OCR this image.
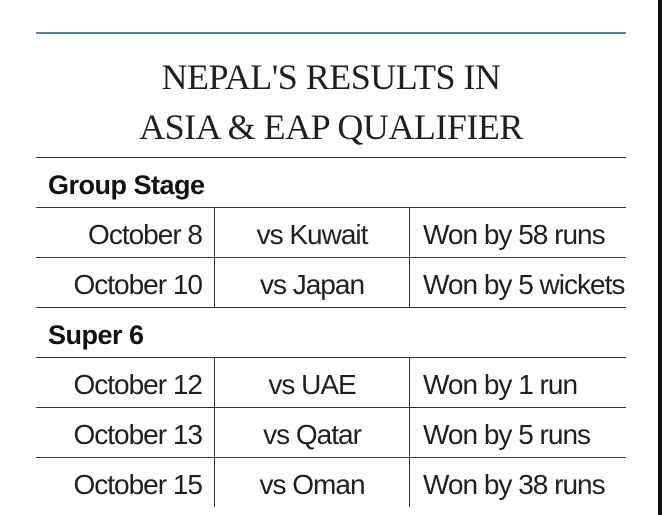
NEPAL'S RESULTS IN
ASIA & EAP QUALIFIER
Group Stage
October 8	vs Kuwait	Won by 58 runs
October 10	vs Japan	Won by 5 wickets
Super 6
October 12	vs UAE	Won by 1 run
October 13	vs Qatar	Won by 5 runs
October 15	vs Oman	Won by 38 runs
